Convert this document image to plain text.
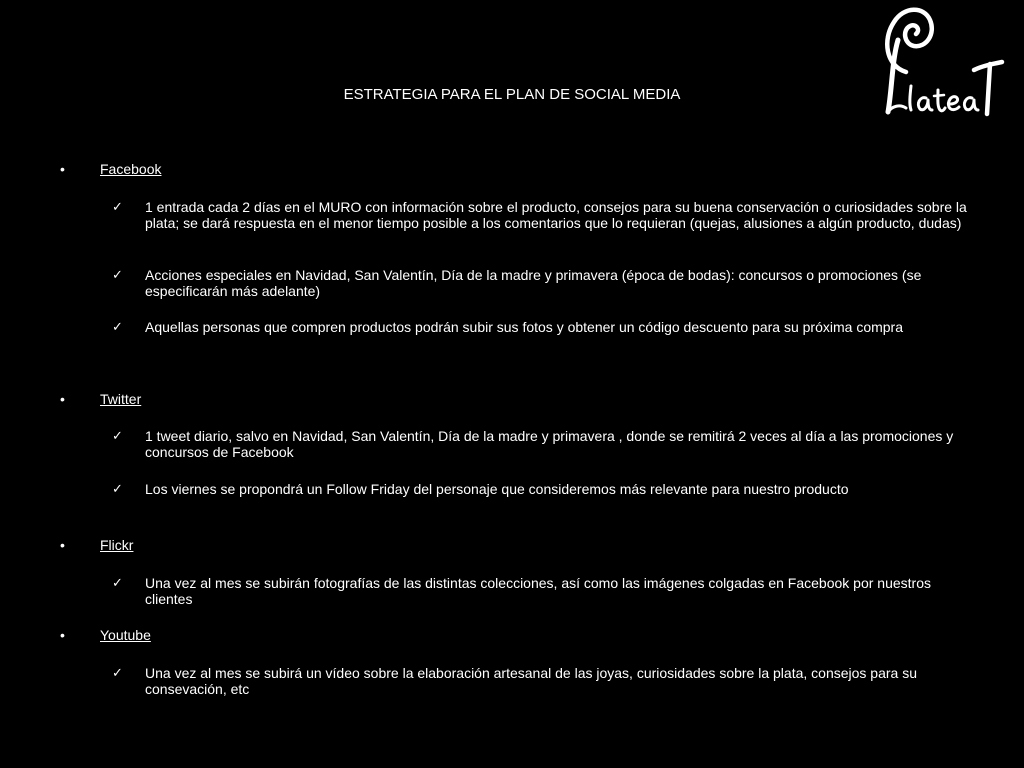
ESTRATEGIA PARA EL PLAN DE SOCIAL MEDIA
•	Facebook
✓	1 entrada cada 2 días en el MURO con información sobre el producto, consejos para su buena conservación o curiosidades sobre la plata; se dará respuesta en el menor tiempo posible a los comentarios que lo requieran (quejas, alusiones a algún producto, dudas)
✓	Acciones especiales en Navidad, San Valentín, Día de la madre y primavera (época de bodas): concursos o promociones (se especificarán más adelante)
✓	Aquellas personas que compren productos podrán subir sus fotos y obtener un código descuento para su próxima compra
•	Twitter
✓	1 tweet diario, salvo en Navidad, San Valentín, Día de la madre y primavera , donde se remitirá 2 veces al día a las promociones y concursos de Facebook
✓	Los viernes se propondrá un Follow Friday del personaje que consideremos más relevante para nuestro producto
•	Flickr
✓	Una vez al mes se subirán fotografías de las distintas colecciones, así como las imágenes colgadas en Facebook por nuestros clientes
•	Youtube
✓	Una vez al mes se subirá un vídeo sobre la elaboración artesanal de las joyas, curiosidades sobre la plata, consejos para su consevación, etc
